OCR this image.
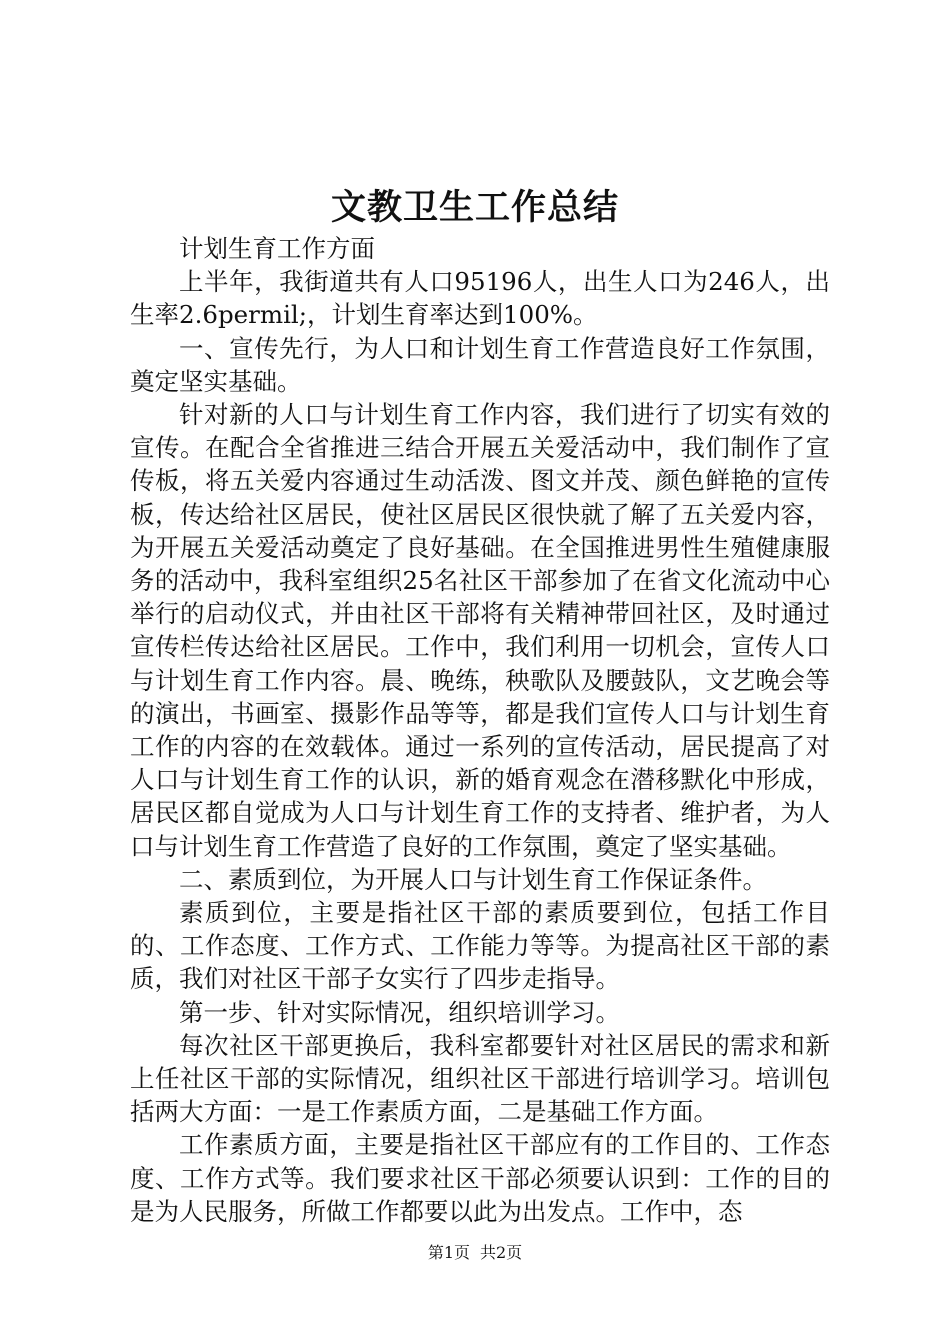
文教卫生工作总结

计划生育工作方面

上半年，我街道共有人口95196人，出生人口为246人，出生率2.6permil;，计划生育率达到100%。

一、宣传先行，为人口和计划生育工作营造良好工作氛围，奠定坚实基础。

针对新的人口与计划生育工作内容，我们进行了切实有效的宣传。在配合全省推进三结合开展五关爱活动中，我们制作了宣传板，将五关爱内容通过生动活泼、图文并茂、颜色鲜艳的宣传板，传达给社区居民，使社区居民区很快就了解了五关爱内容，为开展五关爱活动奠定了良好基础。在全国推进男性生殖健康服务的活动中，我科室组织25名社区干部参加了在省文化流动中心举行的启动仪式，并由社区干部将有关精神带回社区，及时通过宣传栏传达给社区居民。工作中，我们利用一切机会，宣传人口与计划生育工作内容。晨、晚练，秧歌队及腰鼓队，文艺晚会等的演出，书画室、摄影作品等等，都是我们宣传人口与计划生育工作的内容的在效载体。通过一系列的宣传活动，居民提高了对人口与计划生育工作的认识，新的婚育观念在潜移默化中形成，居民区都自觉成为人口与计划生育工作的支持者、维护者，为人口与计划生育工作营造了良好的工作氛围，奠定了坚实基础。

二、素质到位，为开展人口与计划生育工作保证条件。

素质到位，主要是指社区干部的素质要到位，包括工作目的、工作态度、工作方式、工作能力等等。为提高社区干部的素质，我们对社区干部子女实行了四步走指导。

第一步、针对实际情况，组织培训学习。

每次社区干部更换后，我科室都要针对社区居民的需求和新上任社区干部的实际情况，组织社区干部进行培训学习。培训包括两大方面：一是工作素质方面，二是基础工作方面。

工作素质方面，主要是指社区干部应有的工作目的、工作态度、工作方式等。我们要求社区干部必须要认识到：工作的目的是为人民服务，所做工作都要以此为出发点。工作中，态

第1页 共2页
